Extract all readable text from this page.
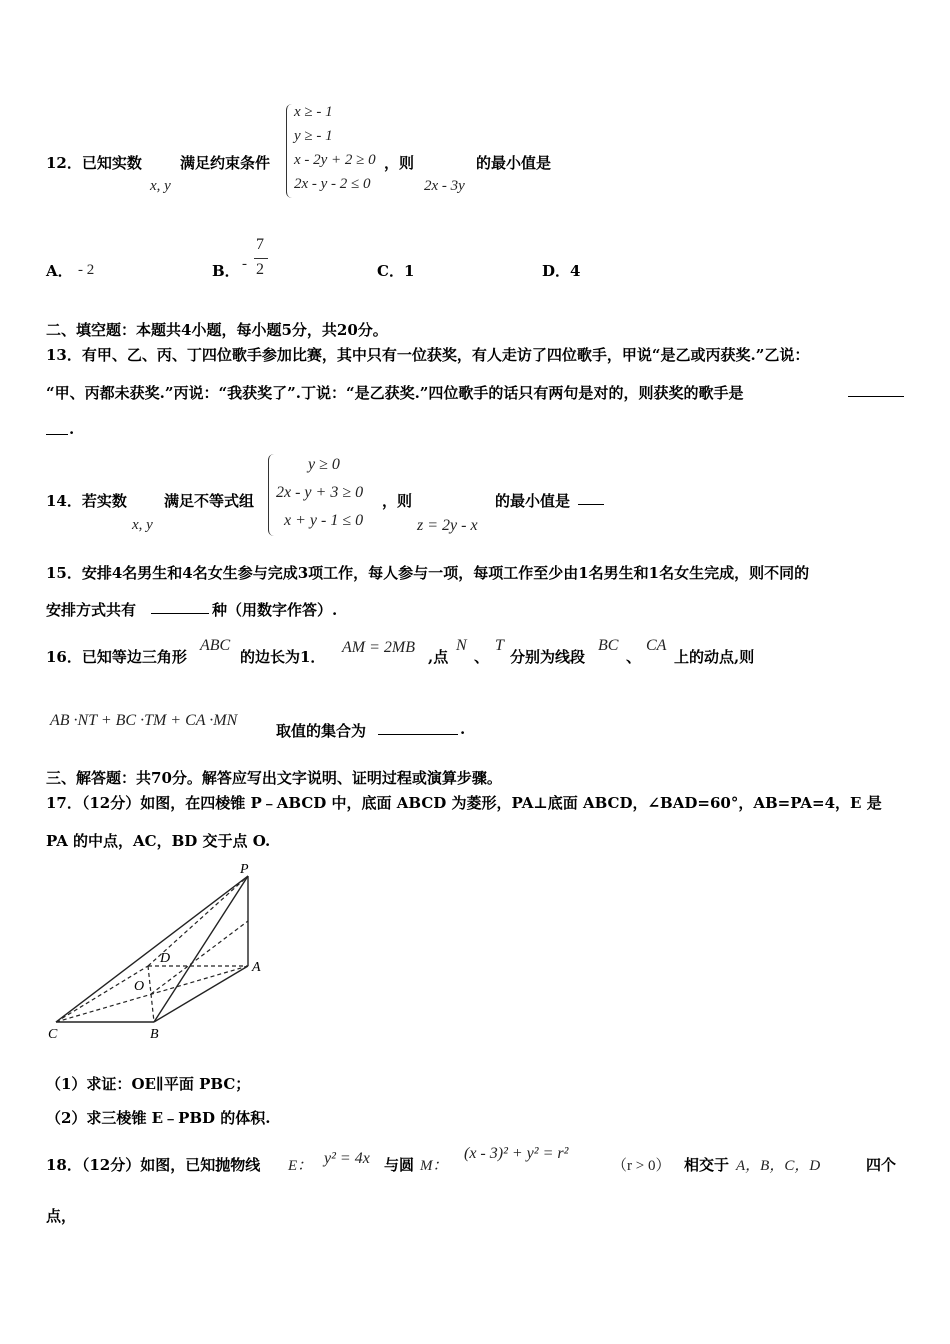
12．已知实数
x, y
满足约束条件
x ≥ - 1
y ≥ - 1
x - 2y + 2 ≥ 0
2x - y - 2 ≤ 0
，则
2x - 3y
的最小值是
A． - 2	B． -
7
2	C．1	D．4
二、填空题：本题共4小题，每小题5分，共20分。
13．有甲、乙、丙、丁四位歌手参加比赛，其中只有一位获奖，有人走访了四位歌手，甲说“是乙或丙获奖.”乙说：
“甲、丙都未获奖.”丙说：“我获奖了”.丁说：“是乙获奖.”四位歌手的话只有两句是对的，则获奖的歌手是
.
14．若实数
x, y
满足不等式组
y ≥ 0
2x - y + 3 ≥ 0
x + y - 1 ≤ 0
，则
z = 2y - x
的最小值是
15．安排4名男生和4名女生参与完成3项工作，每人参与一项，每项工作至少由1名男生和1名女生完成，则不同的
安排方式共有	种（用数字作答）.
16．已知等边三角形
ABC
的边长为1．
AM = 2MB
,点
N
、
T
分别为线段
BC
、
CA
上的动点,则
AB ·NT + BC ·TM + CA ·MN
取值的集合为	.
三、解答题：共70分。解答应写出文字说明、证明过程或演算步骤。
17．（12分）如图，在四棱锥 P﹣ABCD 中，底面 ABCD 为菱形，PA⊥底面 ABCD，∠BAD=60°，AB=PA=4，E 是
PA 的中点，AC，BD 交于点 O.
P
D
A
O
C	B
（1）求证：OE∥平面 PBC；
（2）求三棱锥 E﹣PBD 的体积.
18．（12分）如图，已知抛物线 E： y² = 4x 与圆 M：
(x - 3)² + y² = r²
（r > 0） 相交于 A，B，C，D	四个
点，
